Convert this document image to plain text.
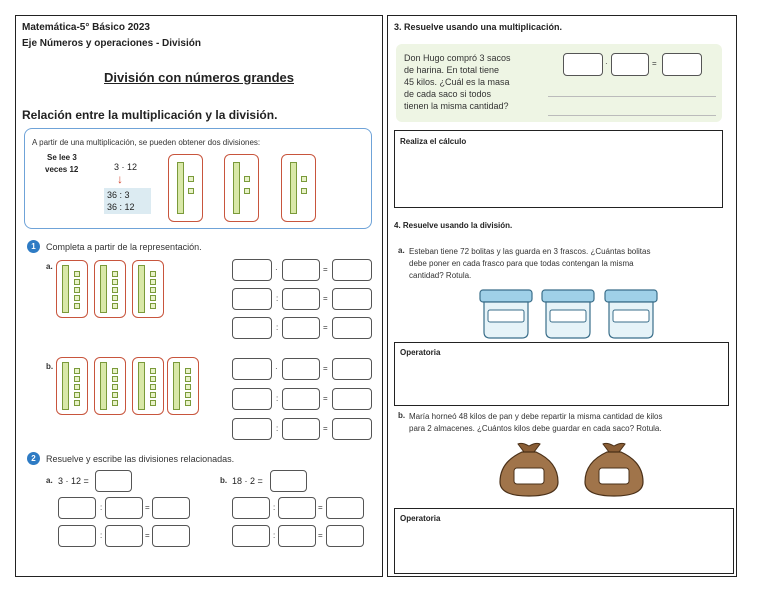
Matemática-5° Básico 2023
Eje Números y operaciones - División
División con números grandes
Relación entre la multiplicación y la división.
A partir de una multiplicación, se pueden obtener dos divisiones:
Se lee 3
veces 12	3 · 12
↓
36 : 3
36 : 12
1	Completa a partir de la representación.
a.	·	=
:	=
:	=
b.	·	=
:	=
:	=
2	Resuelve y escribe las divisiones relacionadas.
a. 3 · 12 =	b. 18 · 2 =
:	=
:	=
:	=
:	=
3. Resuelve usando una multiplicación.
Don Hugo compró 3 sacos
de harina. En total tiene
45 kilos. ¿Cuál es la masa
de cada saco si todos
tienen la misma cantidad?
·	=
Realiza el cálculo
4. Resuelve usando la división.
a. Esteban tiene 72 bolitas y las guarda en 3 frascos. ¿Cuántas bolitas
debe poner en cada frasco para que todas contengan la misma
cantidad? Rotula.
Operatoria
b. María horneó 48 kilos de pan y debe repartir la misma cantidad de kilos
para 2 almacenes. ¿Cuántos kilos debe guardar en cada saco? Rotula.
Operatoria
